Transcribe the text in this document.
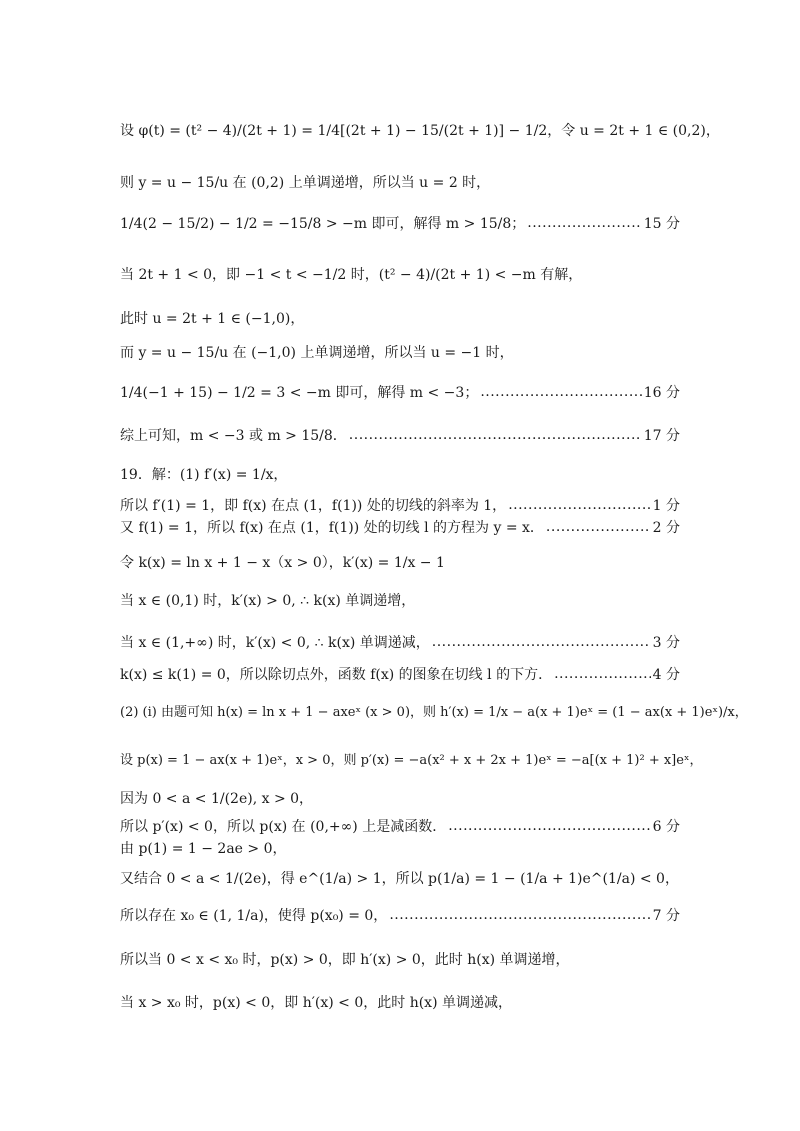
设 φ(t) = (t² − 4)/(2t + 1) = 1/4[(2t + 1) − 15/(2t + 1)] − 1/2，令 u = 2t + 1 ∈ (0,2)，
则 y = u − 15/u 在 (0,2) 上单调递增，所以当 u = 2 时，
1/4(2 − 15/2) − 1/2 = −15/8 > −m 即可，解得 m > 15/8； .....	15 分
当 2t + 1 < 0，即 −1 < t < −1/2 时，(t² − 4)/(2t + 1) < −m 有解，
此时 u = 2t + 1 ∈ (−1,0)，
而 y = u − 15/u 在 (−1,0) 上单调递增，所以当 u = −1 时，
1/4(−1 + 15) − 1/2 = 3 < −m 即可，解得 m < −3； .....	16 分
综上可知，m < −3 或 m > 15/8． .....	17 分
19．解：(1) f′(x) = 1/x，
所以 f′(1) = 1，即 f(x) 在点 (1，f(1)) 处的切线的斜率为 1， .....	1 分
又 f(1) = 1，所以 f(x) 在点 (1，f(1)) 处的切线 l 的方程为 y = x． .....	2 分
令 k(x) = ln x + 1 − x（x > 0），k′(x) = 1/x − 1
当 x ∈ (0,1) 时，k′(x) > 0, ∴ k(x) 单调递增，
当 x ∈ (1,+∞) 时，k′(x) < 0, ∴ k(x) 单调递减， .....	3 分
k(x) ≤ k(1) = 0，所以除切点外，函数 f(x) 的图象在切线 l 的下方． .....	4 分
(2) (i) 由题可知 h(x) = ln x + 1 − axeˣ (x > 0)，则 h′(x) = 1/x − a(x + 1)eˣ = (1 − ax(x + 1)eˣ)/x，
设 p(x) = 1 − ax(x + 1)eˣ，x > 0，则 p′(x) = −a(x² + x + 2x + 1)eˣ = −a[(x + 1)² + x]eˣ，
因为 0 < a < 1/(2e), x > 0，
所以 p′(x) < 0，所以 p(x) 在 (0,+∞) 上是减函数． .....	6 分
由 p(1) = 1 − 2ae > 0，
又结合 0 < a < 1/(2e)，得 e^(1/a) > 1，所以 p(1/a) = 1 − (1/a + 1)e^(1/a) < 0，
所以存在 x₀ ∈ (1, 1/a)，使得 p(x₀) = 0， .....	7 分
所以当 0 < x < x₀ 时，p(x) > 0，即 h′(x) > 0，此时 h(x) 单调递增，
当 x > x₀ 时，p(x) < 0，即 h′(x) < 0，此时 h(x) 单调递减，
